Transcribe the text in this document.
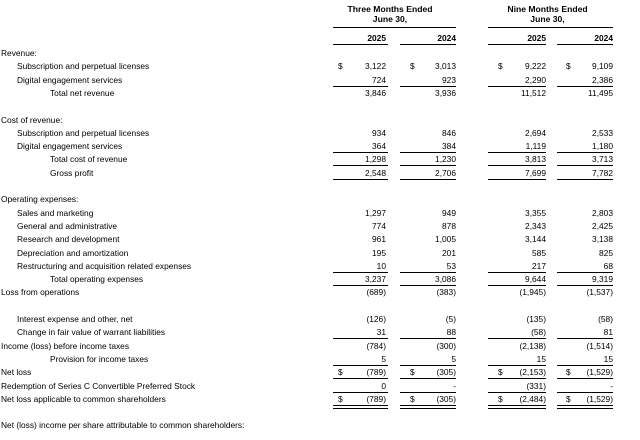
Three Months Ended
June 30,
Nine Months Ended
June 30,
2025	2024	2025	2024
Revenue:
Subscription and perpetual licenses	$	3,122	$	3,013	$	9,222 $	9,109
Digital engagement services	724	923	2,290	2,386
Total net revenue	3,846	3,936	11,512	11,495
Cost of revenue:
Subscription and perpetual licenses	934	846	2,694	2,533
Digital engagement services	364	384	1,119	1,180
Total cost of revenue	1,298	1,230	3,813	3,713
Gross profit	2,548	2,706	7,699	7,782
Operating expenses:
Sales and marketing	1,297	949	3,355	2,803
General and administrative	774	878	2,343	2,425
Research and development	961	1,005	3,144	3,138
Depreciation and amortization	195	201	585	825
Restructuring and acquisition related expenses	10	53	217	68
Total operating expenses	3,237	3,086	9,644	9,319
Loss from operations	(689)	(383)	(1,945)	(1,537)
Interest expense and other, net	(126)	(5)	(135)	(58)
Change in fair value of warrant liabilities	31	88	(58)	81
Income (loss) before income taxes	(784)	(300)	(2,138)	(1,514)
Provision for income taxes	5	5	15	15
Net loss	$	(789)	$	(305)	$	(2,153) $	(1,529)
Redemption of Series C Convertible Preferred Stock	0	-	(331)	-
Net loss applicable to common shareholders	$	(789)	$	(305)	$	(2,484) $	(1,529)
Net (loss) income per share attributable to common shareholders:
